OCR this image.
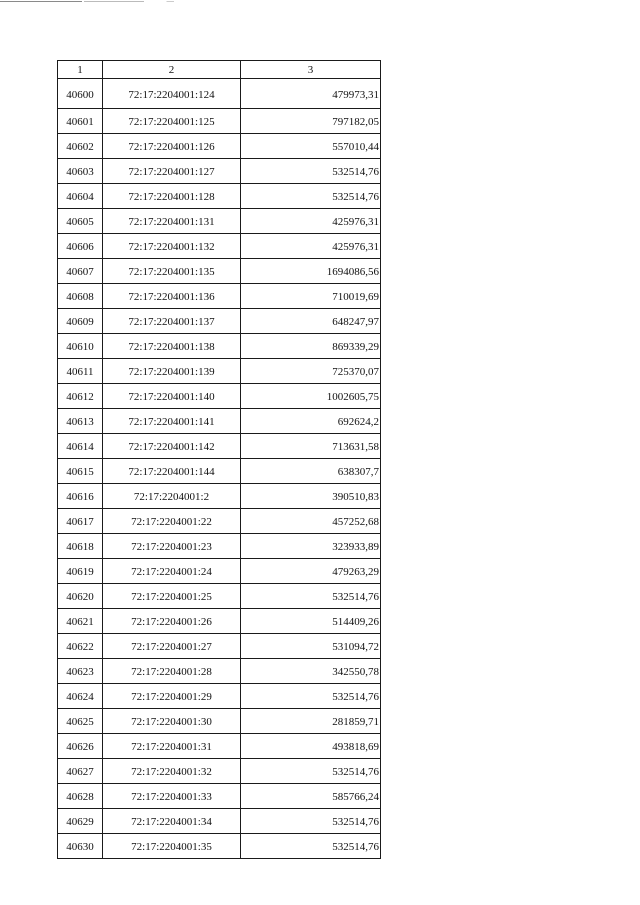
1	2	3
40600	72:17:2204001:124	479973,31
40601	72:17:2204001:125	797182,05
40602	72:17:2204001:126	557010,44
40603	72:17:2204001:127	532514,76
40604	72:17:2204001:128	532514,76
40605	72:17:2204001:131	425976,31
40606	72:17:2204001:132	425976,31
40607	72:17:2204001:135	1694086,56
40608	72:17:2204001:136	710019,69
40609	72:17:2204001:137	648247,97
40610	72:17:2204001:138	869339,29
40611	72:17:2204001:139	725370,07
40612	72:17:2204001:140	1002605,75
40613	72:17:2204001:141	692624,2
40614	72:17:2204001:142	713631,58
40615	72:17:2204001:144	638307,7
40616	72:17:2204001:2	390510,83
40617	72:17:2204001:22	457252,68
40618	72:17:2204001:23	323933,89
40619	72:17:2204001:24	479263,29
40620	72:17:2204001:25	532514,76
40621	72:17:2204001:26	514409,26
40622	72:17:2204001:27	531094,72
40623	72:17:2204001:28	342550,78
40624	72:17:2204001:29	532514,76
40625	72:17:2204001:30	281859,71
40626	72:17:2204001:31	493818,69
40627	72:17:2204001:32	532514,76
40628	72:17:2204001:33	585766,24
40629	72:17:2204001:34	532514,76
40630	72:17:2204001:35	532514,76
